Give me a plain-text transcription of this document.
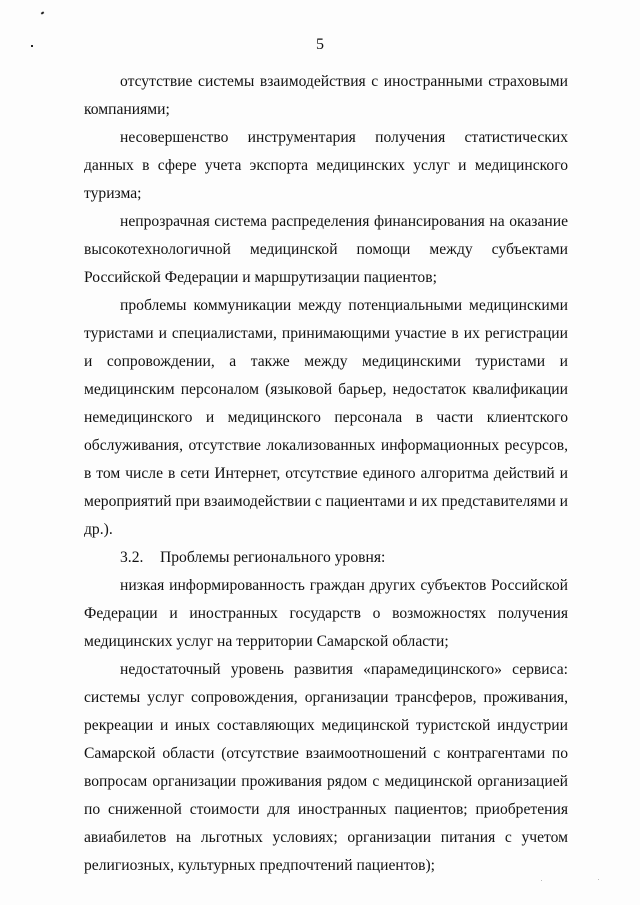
5

отсутствие системы взаимодействия с иностранными страховыми компаниями;

несовершенство инструментария получения статистических данных в сфере учета экспорта медицинских услуг и медицинского туризма;

непрозрачная система распределения финансирования на оказание высокотехнологичной медицинской помощи между субъектами Российской Федерации и маршрутизации пациентов;

проблемы коммуникации между потенциальными медицинскими туристами и специалистами, принимающими участие в их регистрации и сопровождении, а также между медицинскими туристами и медицинским персоналом (языковой барьер, недостаток квалификации немедицинского и медицинского персонала в части клиентского обслуживания, отсутствие локализованных информационных ресурсов, в том числе в сети Интернет, отсутствие единого алгоритма действий и мероприятий при взаимодействии с пациентами и их представителями и др.).

3.2. Проблемы регионального уровня:

низкая информированность граждан других субъектов Российской Федерации и иностранных государств о возможностях получения медицинских услуг на территории Самарской области;

недостаточный уровень развития «парамедицинского» сервиса: системы услуг сопровождения, организации трансферов, проживания, рекреации и иных составляющих медицинской туристской индустрии Самарской области (отсутствие взаимоотношений с контрагентами по вопросам организации проживания рядом с медицинской организацией по сниженной стоимости для иностранных пациентов; приобретения авиабилетов на льготных условиях; организации питания с учетом религиозных, культурных предпочтений пациентов);
